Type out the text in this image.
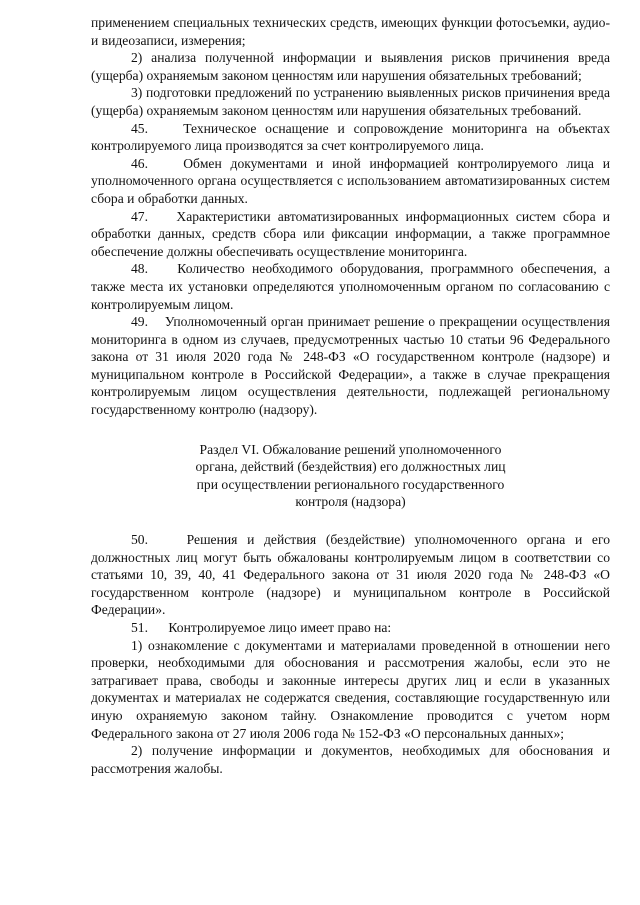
применением специальных технических средств, имеющих функции фотосъемки, аудио- и видеозаписи, измерения;

2) анализа полученной информации и выявления рисков причинения вреда (ущерба) охраняемым законом ценностям или нарушения обязательных требований;

3) подготовки предложений по устранению выявленных рисков причинения вреда (ущерба) охраняемым законом ценностям или нарушения обязательных требований.

45.    Техническое оснащение и сопровождение мониторинга на объектах контролируемого лица производятся за счет контролируемого лица.

46.    Обмен документами и иной информацией контролируемого лица и уполномоченного органа осуществляется с использованием автоматизированных систем сбора и обработки данных.

47.    Характеристики автоматизированных информационных систем сбора и обработки данных, средств сбора или фиксации информации, а также программное обеспечение должны обеспечивать осуществление мониторинга.

48.    Количество необходимого оборудования, программного обеспечения, а также места их установки определяются уполномоченным органом по согласованию с контролируемым лицом.

49.    Уполномоченный орган принимает решение о прекращении осуществления мониторинга в одном из случаев, предусмотренных частью 10 статьи 96 Федерального закона от 31 июля 2020 года № 248-ФЗ «О государственном контроле (надзоре) и муниципальном контроле в Российской Федерации», а также в случае прекращения контролируемым лицом осуществления деятельности, подлежащей региональному государственному контролю (надзору).

Раздел VI. Обжалование решений уполномоченного
органа, действий (бездействия) его должностных лиц
при осуществлении регионального государственного
контроля (надзора)

50.    Решения и действия (бездействие) уполномоченного органа и его должностных лиц могут быть обжалованы контролируемым лицом в соответствии со статьями 10, 39, 40, 41 Федерального закона от 31 июля 2020 года № 248-ФЗ «О государственном контроле (надзоре) и муниципальном контроле в Российской Федерации».

51.      Контролируемое лицо имеет право на:

1) ознакомление с документами и материалами проведенной в отношении него проверки, необходимыми для обоснования и рассмотрения жалобы, если это не затрагивает права, свободы и законные интересы других лиц и если в указанных документах и материалах не содержатся сведения, составляющие государственную или иную охраняемую законом тайну. Ознакомление проводится с учетом норм Федерального закона от 27 июля 2006 года № 152-ФЗ «О персональных данных»;

2) получение информации и документов, необходимых для обоснования и рассмотрения жалобы.
